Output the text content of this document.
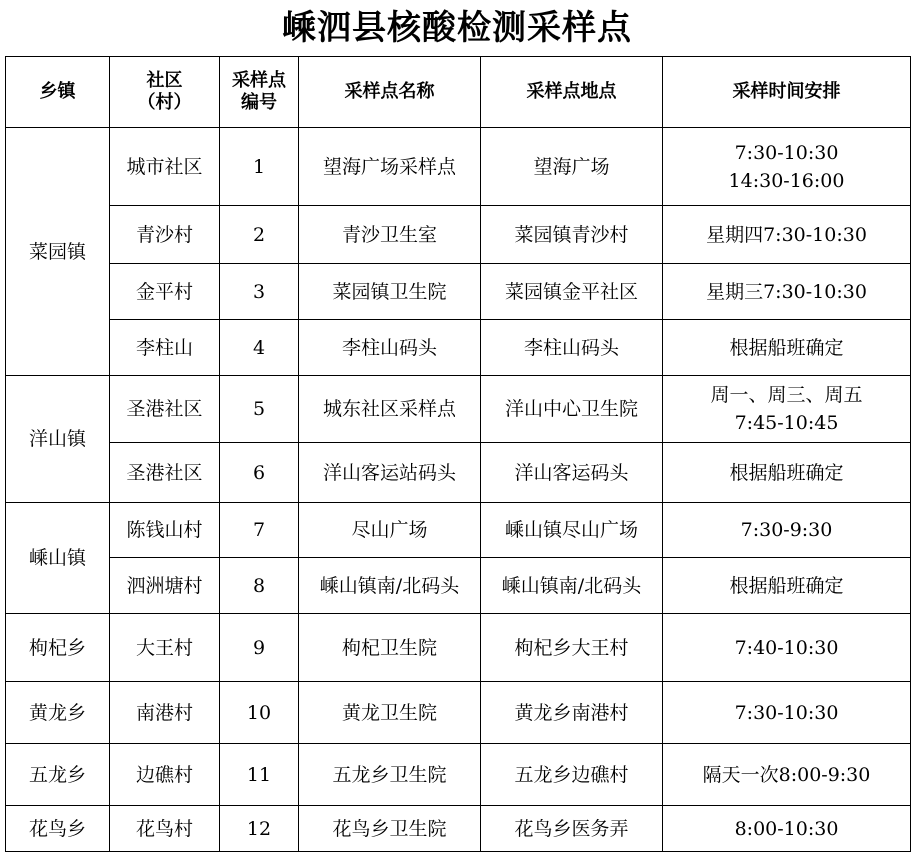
嵊泗县核酸检测采样点
乡镇	社区（村）	采样点编号	采样点名称	采样点地点	采样时间安排
菜园镇	城市社区	1	望海广场采样点	望海广场	7:30-10:30
14:30-16:00

	青沙村	2	青沙卫生室	菜园镇青沙村	星期四7:30-10:30
	金平村	3	菜园镇卫生院	菜园镇金平社区	星期三7:30-10:30
	李柱山	4	李柱山码头	李柱山码头	根据船班确定
洋山镇	圣港社区	5	城东社区采样点	洋山中心卫生院	周一、周三、周五
7:45-10:45

	圣港社区	6	洋山客运站码头	洋山客运码头	根据船班确定
嵊山镇	陈钱山村	7	尽山广场	嵊山镇尽山广场	7:30-9:30
	泗洲塘村	8	嵊山镇南/北码头	嵊山镇南/北码头	根据船班确定
枸杞乡	大王村	9	枸杞卫生院	枸杞乡大王村	7:40-10:30
黄龙乡	南港村	10	黄龙卫生院	黄龙乡南港村	7:30-10:30
五龙乡	边礁村	11	五龙乡卫生院	五龙乡边礁村	隔天一次8:00-9:30
花鸟乡	花鸟村	12	花鸟乡卫生院	花鸟乡医务弄	8:00-10:30
